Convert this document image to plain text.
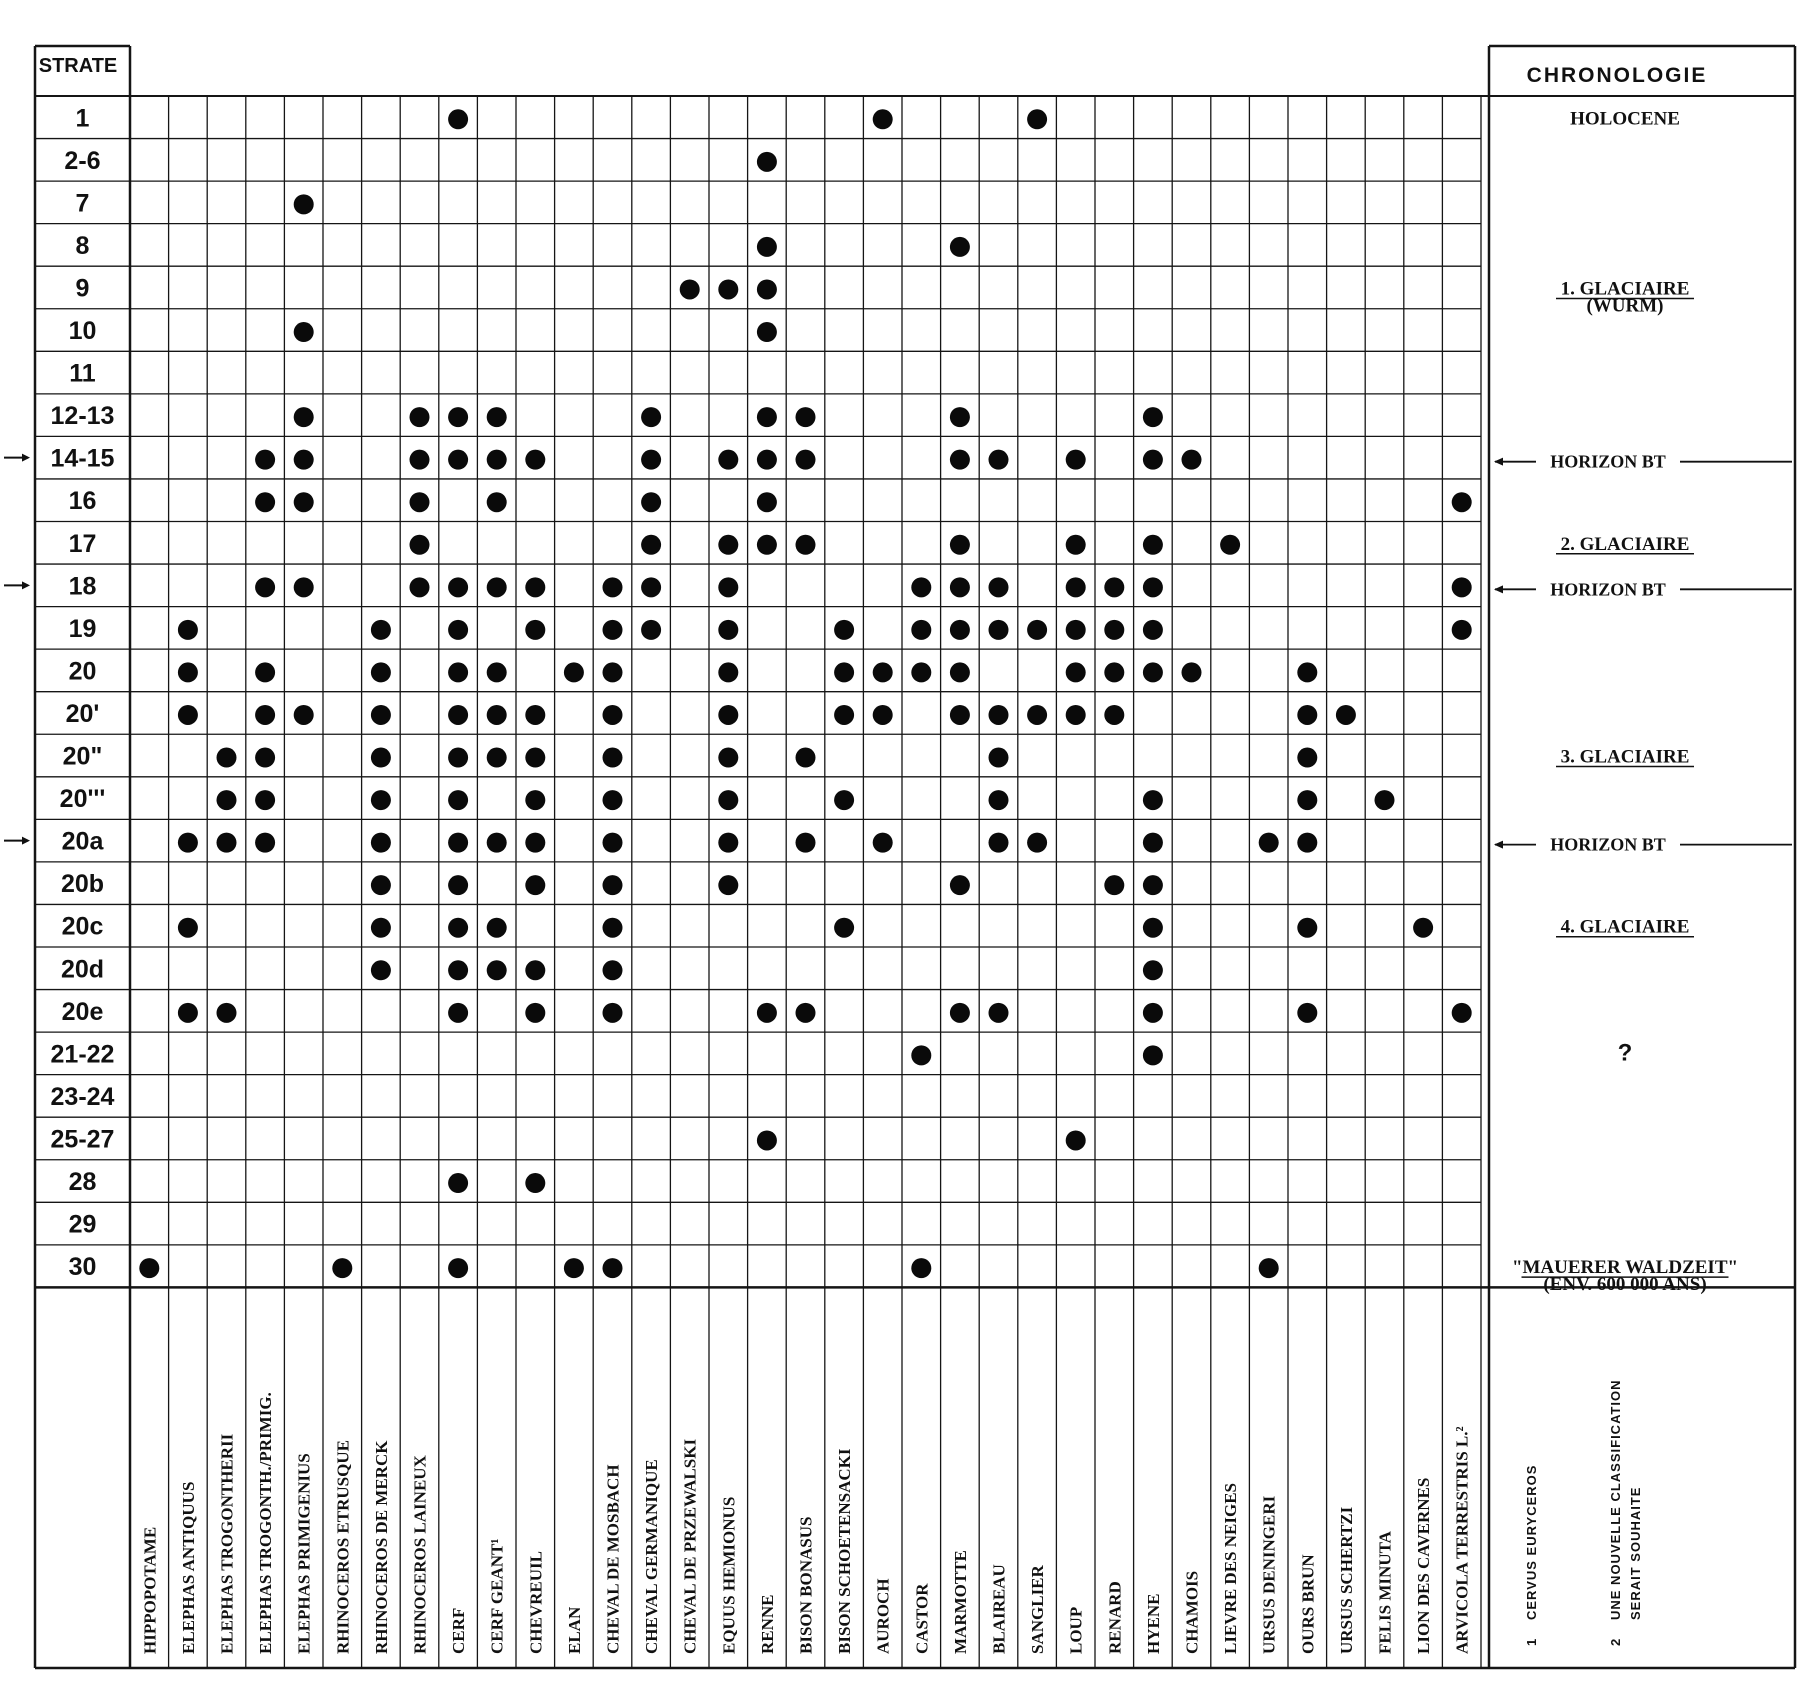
STRATE	CHRONOLOGIE
1
2-6
7
8
9
10
11
12-13
14-15
16
17
18
19
20
20'
20"
20'''
20a
20b
20c
20d
20e
21-22
23-24
25-27
28
29
30
HIPPOPOTAME ELEPHAS ANTIQUUS ELEPHAS TROGONTHERII ELEPHAS TROGONTH./PRIMIG. ELEPHAS PRIMIGENIUS RHINOCEROS ETRUSQUE RHINOCEROS DE MERCK RHINOCEROS LAINEUX CERF CERF GEANT¹ CHEVREUIL ELAN CHEVAL DE MOSBACH CHEVAL GERMANIQUE CHEVAL DE PRZEWALSKI EQUUS HEMIONUS RENNE BISON BONASUS BISON SCHOETENSACKI AUROCH CASTOR MARMOTTE BLAIREAU SANGLIER LOUP RENARD HYENE CHAMOIS LIEVRE DES NEIGES URSUS DENINGERI OURS BRUN URSUS SCHERTZI FELIS MINUTA LION DES CAVERNES ARVICOLA TERRESTRIS L.²
HOLOCENE
1. GLACIAIRE
(WURM)
2. GLACIAIRE
3. GLACIAIRE
4. GLACIAIRE
?
"MAUERER WALDZEIT"
(ENV. 600 000 ANS)
HORIZON BT
HORIZON BT
HORIZON BT
1
CERVUS EURYCEROS
2
UNE NOUVELLE CLASSIFICATION SERAIT SOUHAITE
